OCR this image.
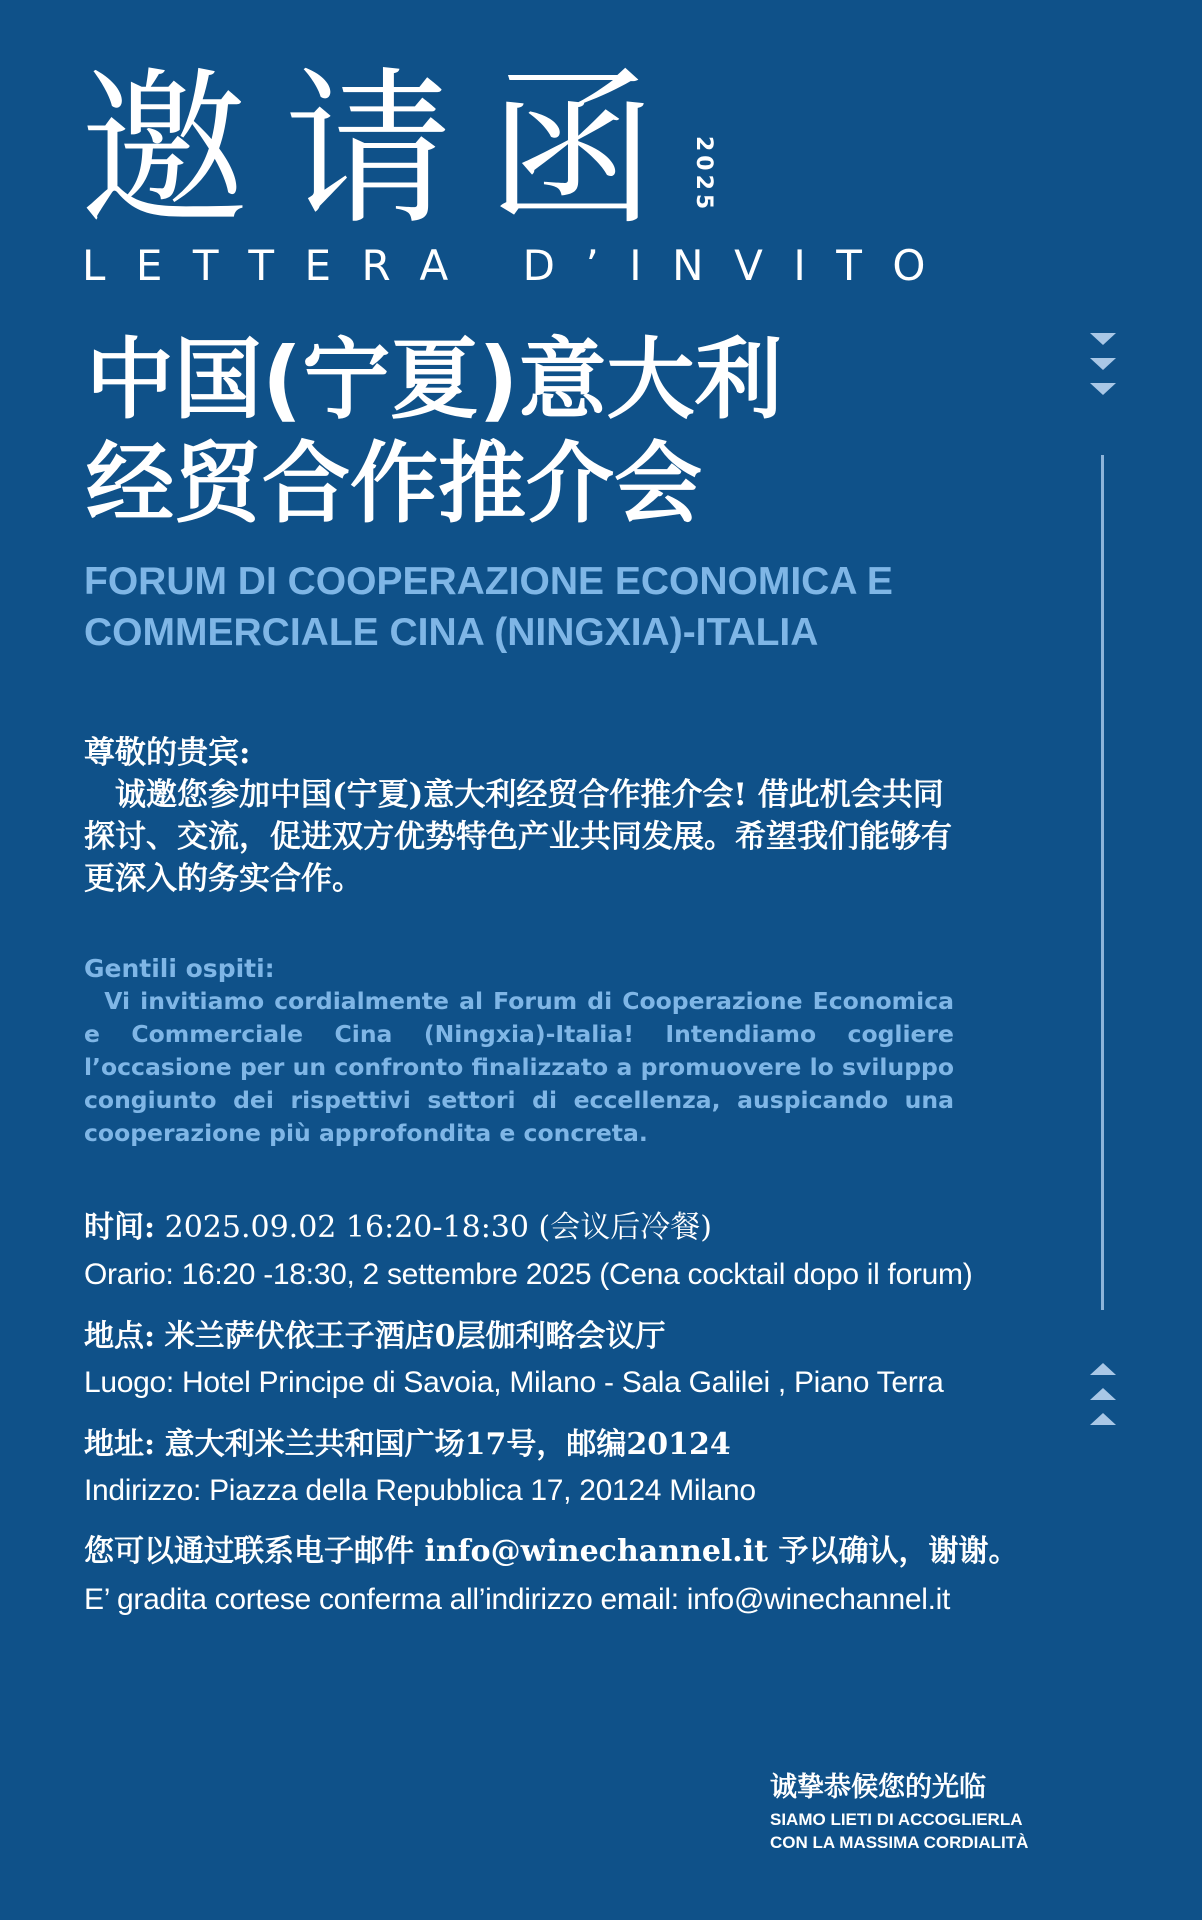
邀请函 2025
LETTERA D’INVITO
中国(宁夏)意大利
经贸合作推介会
FORUM DI COOPERAZIONE ECONOMICA E
COMMERCIALE CINA (NINGXIA)-ITALIA
尊敬的贵宾:
　诚邀您参加中国(宁夏)意大利经贸合作推介会! 借此机会共同探讨、交流，促进双方优势特色产业共同发展。希望我们能够有更深入的务实合作。
Gentili ospiti:
Vi invitiamo cordialmente al Forum di Cooperazione Economica e Commerciale Cina (Ningxia)-Italia! Intendiamo cogliere l’occasione per un confronto finalizzato a promuovere lo sviluppo congiunto dei rispettivi settori di eccellenza, auspicando una cooperazione più approfondita e concreta.
时间: 2025.09.02 16:20-18:30 (会议后冷餐)
Orario: 16:20 -18:30, 2 settembre 2025 (Cena cocktail dopo il forum)
地点: 米兰萨伏依王子酒店0层伽利略会议厅
Luogo: Hotel Principe di Savoia, Milano - Sala Galilei , Piano Terra
地址: 意大利米兰共和国广场17号，邮编20124
Indirizzo: Piazza della Repubblica 17, 20124 Milano
您可以通过联系电子邮件 info@winechannel.it 予以确认，谢谢。
E’ gradita cortese conferma all’indirizzo email: info@winechannel.it
诚挚恭候您的光临
SIAMO LIETI DI ACCOGLIERLA
CON LA MASSIMA CORDIALITÀ
